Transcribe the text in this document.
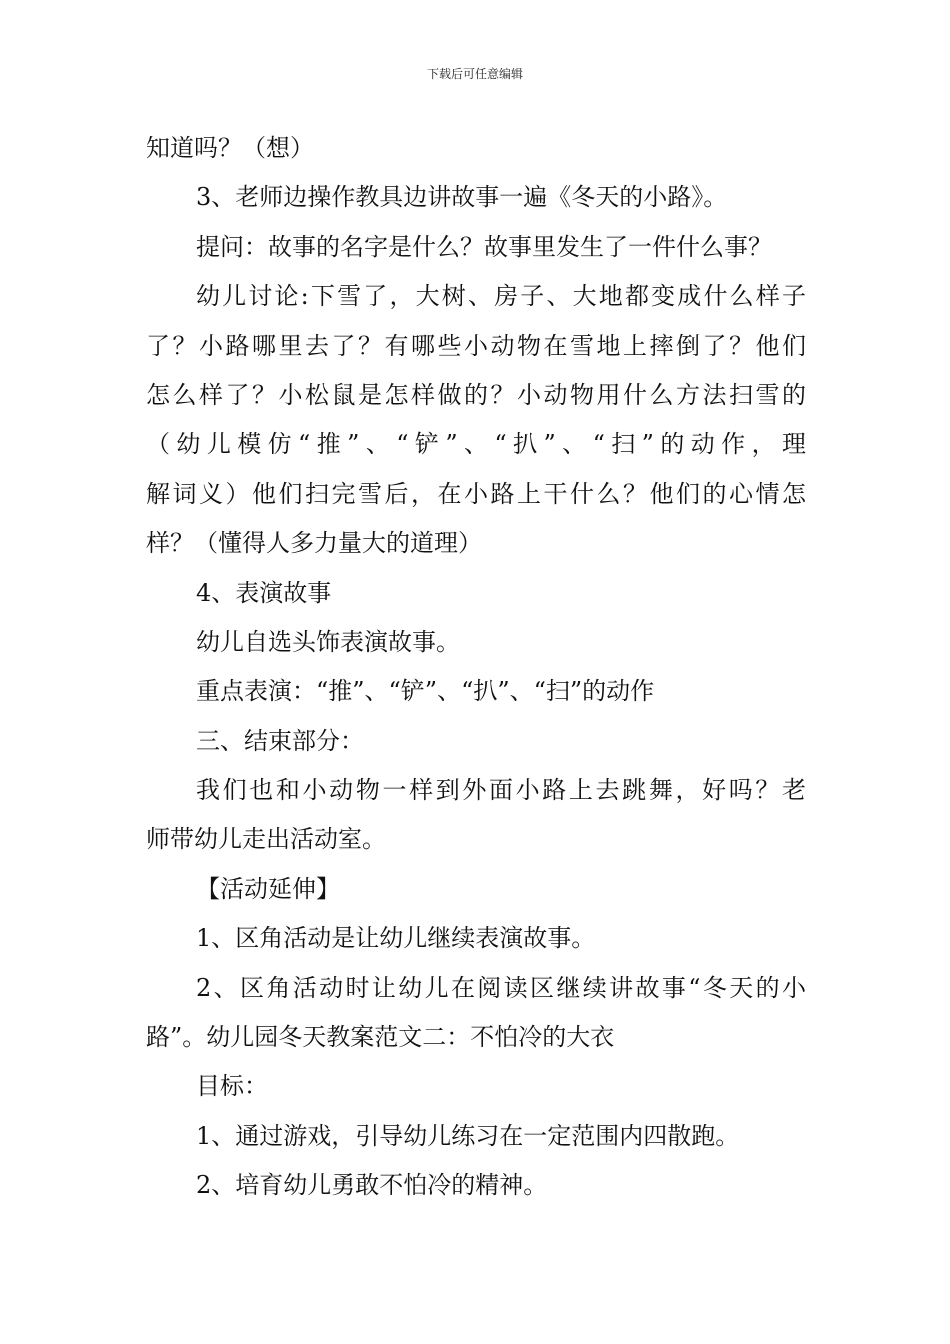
下载后可任意编辑
知道吗？（想）
3、老师边操作教具边讲故事一遍《冬天的小路》。
提问：故事的名字是什么？故事里发生了一件什么事？
幼儿讨论:下雪了，大树、房子、大地都变成什么样子
了？小路哪里去了？有哪些小动物在雪地上摔倒了？他们
怎么样了？小松鼠是怎样做的？小动物用什么方法扫雪的
（幼儿模仿“推”、“铲”、“扒”、“扫”的动作，理
解词义）他们扫完雪后，在小路上干什么？他们的心情怎
样？（懂得人多力量大的道理）
4、表演故事
幼儿自选头饰表演故事。
重点表演：“推”、“铲”、“扒”、“扫”的动作
三、结束部分：
我们也和小动物一样到外面小路上去跳舞，好吗？老
师带幼儿走出活动室。
【活动延伸】
1、区角活动是让幼儿继续表演故事。
2、区角活动时让幼儿在阅读区继续讲故事“冬天的小
路”。幼儿园冬天教案范文二：不怕冷的大衣
目标：
1、通过游戏，引导幼儿练习在一定范围内四散跑。
2、培育幼儿勇敢不怕冷的精神。
